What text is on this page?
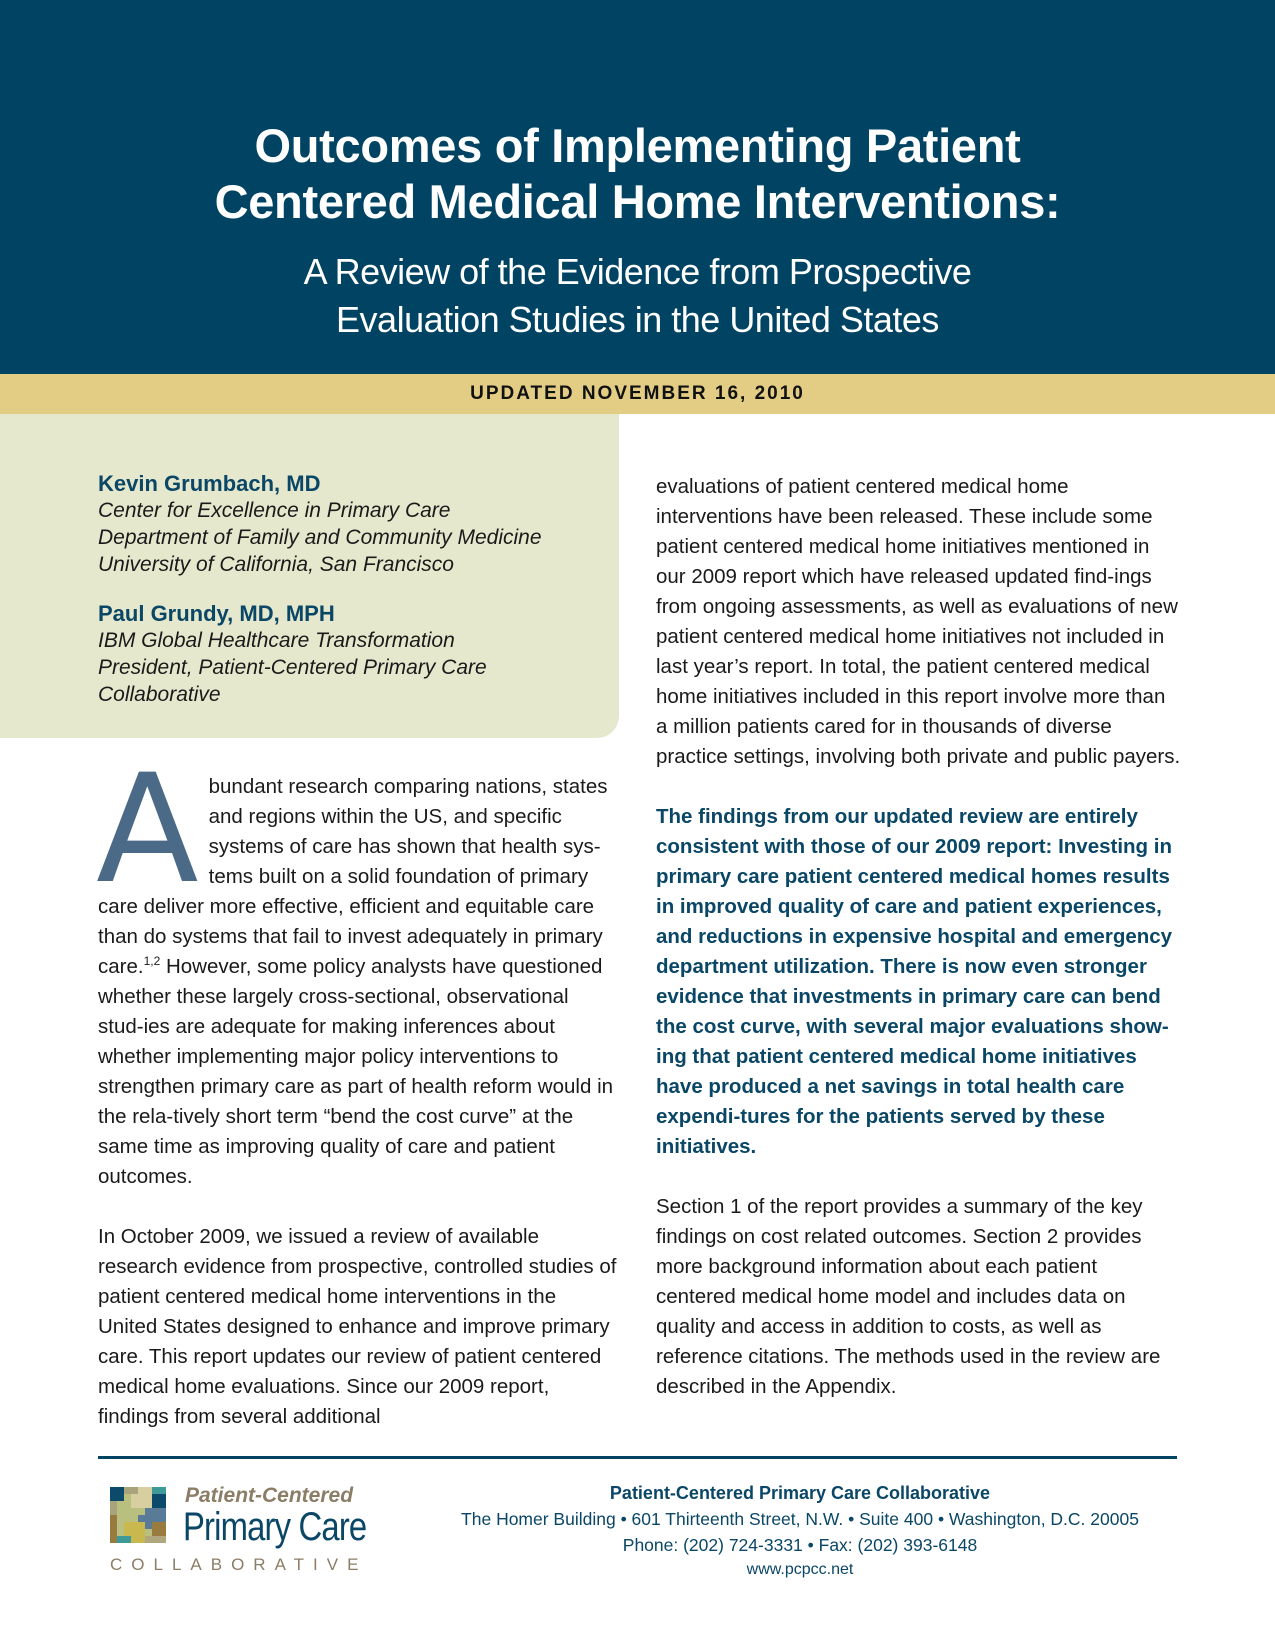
Outcomes of Implementing Patient
Centered Medical Home Interventions:
A Review of the Evidence from Prospective
Evaluation Studies in the United States
UPDATED NOVEMBER 16, 2010
Kevin Grumbach, MD
Center for Excellence in Primary Care
Department of Family and Community Medicine
University of California, San Francisco
Paul Grundy, MD, MPH
IBM Global Healthcare Transformation
President, Patient-Centered Primary Care
Collaborative

Abundant research comparing nations, states and regions within the US, and specific systems of care has shown that health sys-tems built on a solid foundation of primary care deliver more effective, efficient and equitable care than do systems that fail to invest adequately in primary care.$^{1,2}$ However, some policy analysts have questioned whether these largely cross-sectional, observational stud-ies are adequate for making inferences about whether implementing major policy interventions to strengthen primary care as part of health reform would in the rela-tively short term “bend the cost curve” at the same time as improving quality of care and patient outcomes.

In October 2009, we issued a review of available research evidence from prospective, controlled studies of patient centered medical home interventions in the United States designed to enhance and improve primary care. This report updates our review of patient centered medical home evaluations. Since our 2009 report, findings from several additional

evaluations of patient centered medical home interventions have been released. These include some patient centered medical home initiatives mentioned in our 2009 report which have released updated find-ings from ongoing assessments, as well as evaluations of new patient centered medical home initiatives not included in last year’s report. In total, the patient centered medical home initiatives included in this report involve more than a million patients cared for in thousands of diverse practice settings, involving both private and public payers.

The findings from our updated review are entirely consistent with those of our 2009 report: Investing in primary care patient centered medical homes results in improved quality of care and patient experiences, and reductions in expensive hospital and emergency department utilization. There is now even stronger evidence that investments in primary care can bend the cost curve, with several major evaluations show-ing that patient centered medical home initiatives have produced a net savings in total health care expendi-tures for the patients served by these initiatives.

Section 1 of the report provides a summary of the key findings on cost related outcomes. Section 2 provides more background information about each patient centered medical home model and includes data on quality and access in addition to costs, as well as reference citations. The methods used in the review are described in the Appendix.

Patient-Centered
Primary Care
COLLABORATIVE
Patient-Centered Primary Care Collaborative
The Homer Building • 601 Thirteenth Street, N.W. • Suite 400 • Washington, D.C. 20005
Phone: (202) 724-3331 • Fax: (202) 393-6148
www.pcpcc.net
